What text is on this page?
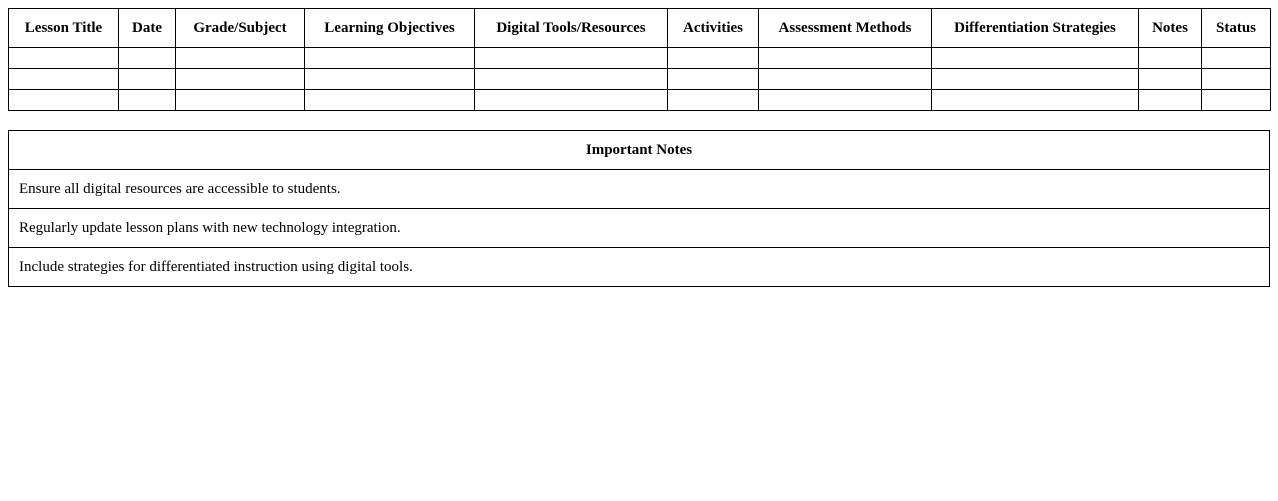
Lesson Title	Date	Grade/Subject	Learning Objectives	Digital Tools/Resources	Activities	Assessment Methods	Differentiation Strategies	Notes	Status

Important Notes
Ensure all digital resources are accessible to students.
Regularly update lesson plans with new technology integration.
Include strategies for differentiated instruction using digital tools.
